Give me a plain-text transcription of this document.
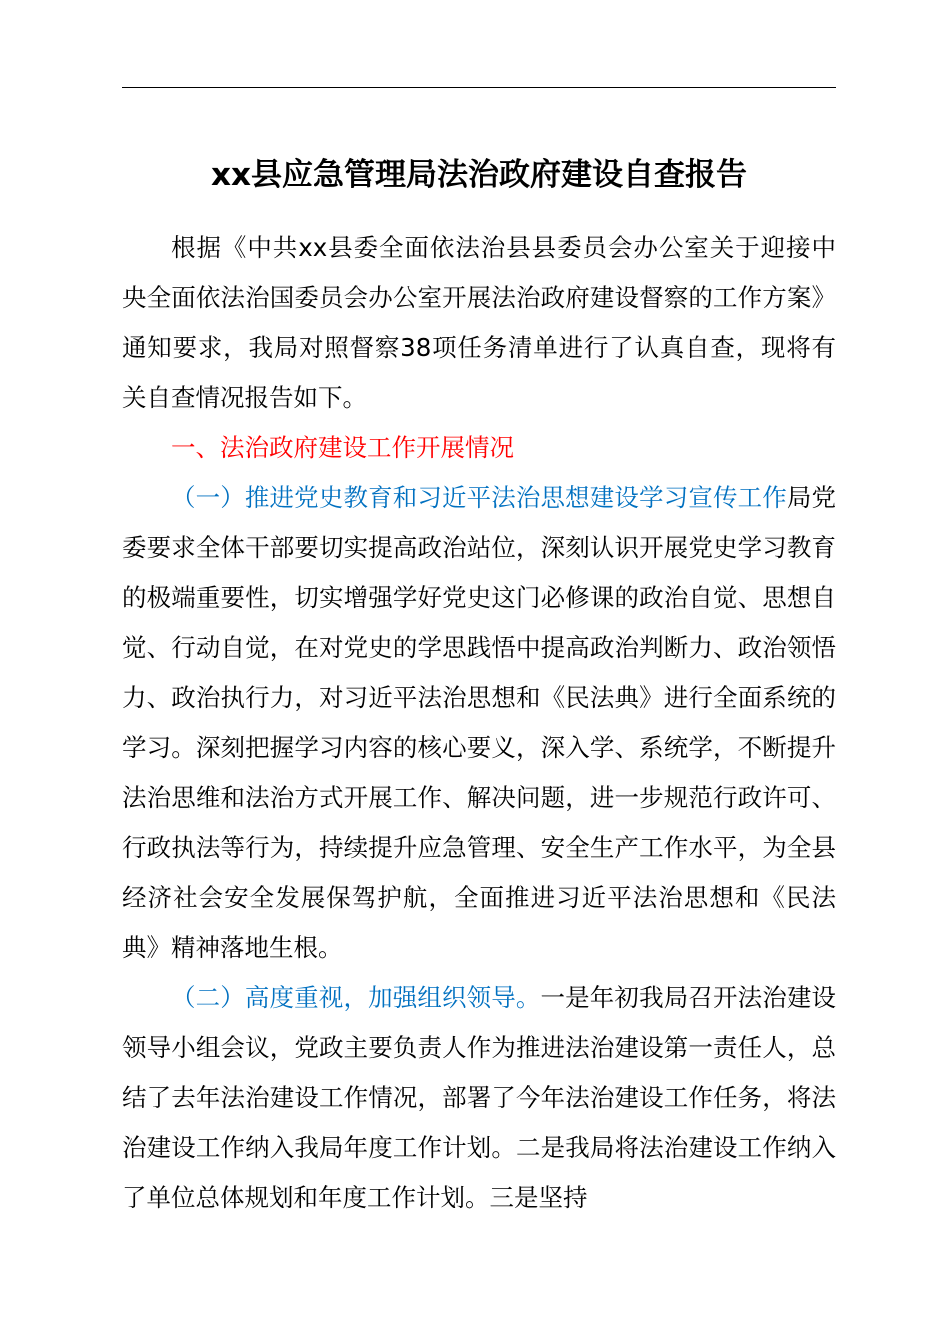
xx县应急管理局法治政府建设自查报告

根据《中共xx县委全面依法治县县委员会办公室关于迎接中央全面依法治国委员会办公室开展法治政府建设督察的工作方案》通知要求，我局对照督察38项任务清单进行了认真自查，现将有关自查情况报告如下。

一、法治政府建设工作开展情况

（一）推进党史教育和习近平法治思想建设学习宣传工作局党委要求全体干部要切实提高政治站位，深刻认识开展党史学习教育的极端重要性，切实增强学好党史这门必修课的政治自觉、思想自觉、行动自觉，在对党史的学思践悟中提高政治判断力、政治领悟力、政治执行力，对习近平法治思想和《民法典》进行全面系统的学习。深刻把握学习内容的核心要义，深入学、系统学，不断提升法治思维和法治方式开展工作、解决问题，进一步规范行政许可、行政执法等行为，持续提升应急管理、安全生产工作水平，为全县经济社会安全发展保驾护航，全面推进习近平法治思想和《民法典》精神落地生根。

（二）高度重视，加强组织领导。一是年初我局召开法治建设领导小组会议，党政主要负责人作为推进法治建设第一责任人，总结了去年法治建设工作情况，部署了今年法治建设工作任务，将法治建设工作纳入我局年度工作计划。二是我局将法治建设工作纳入了单位总体规划和年度工作计划。三是坚持
